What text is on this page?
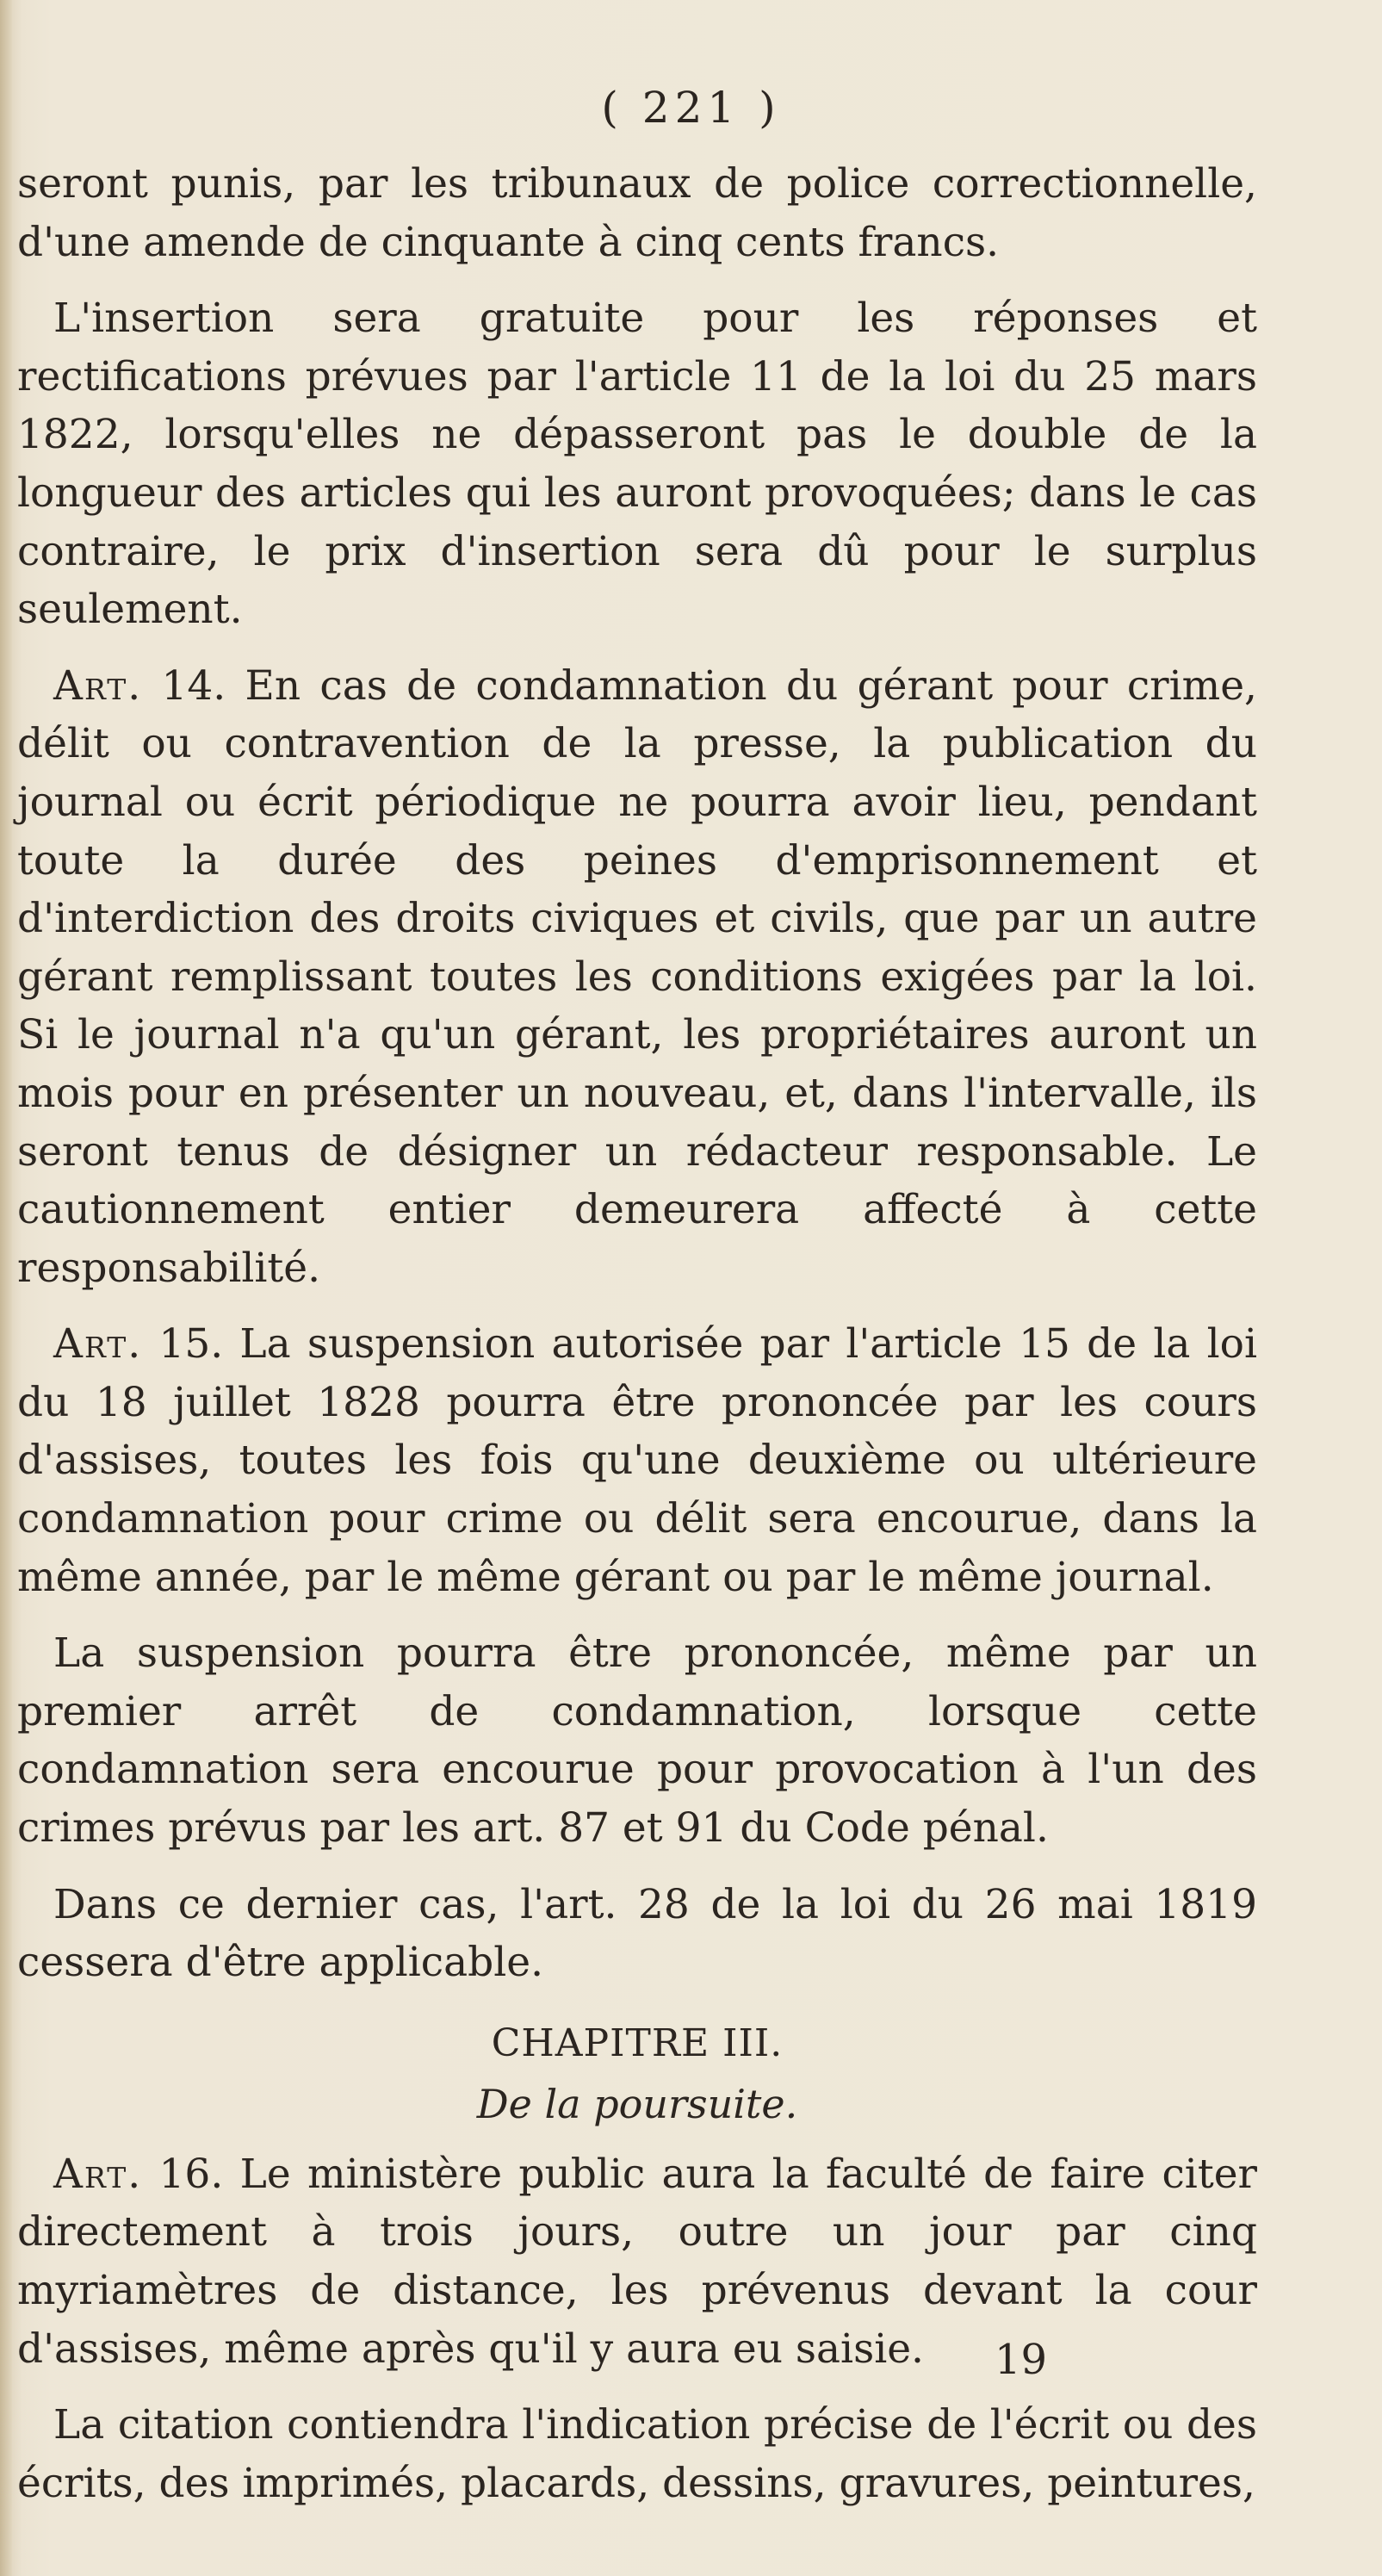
( 221 )

seront punis, par les tribunaux de police correctionnelle, d'une amende de cinquante à cinq cents francs.

L'insertion sera gratuite pour les réponses et rectifications prévues par l'article 11 de la loi du 25 mars 1822, lorsqu'elles ne dépasseront pas le double de la longueur des articles qui les auront provoquées; dans le cas contraire, le prix d'insertion sera dû pour le surplus seulement.

Art. 14. En cas de condamnation du gérant pour crime, délit ou contravention de la presse, la publication du journal ou écrit périodique ne pourra avoir lieu, pendant toute la durée des peines d'emprisonnement et d'interdiction des droits civiques et civils, que par un autre gérant remplissant toutes les conditions exigées par la loi. Si le journal n'a qu'un gérant, les propriétaires auront un mois pour en présenter un nouveau, et, dans l'intervalle, ils seront tenus de désigner un rédacteur responsable. Le cautionnement entier demeurera affecté à cette responsabilité.

Art. 15. La suspension autorisée par l'article 15 de la loi du 18 juillet 1828 pourra être prononcée par les cours d'assises, toutes les fois qu'une deuxième ou ultérieure condamnation pour crime ou délit sera encourue, dans la même année, par le même gérant ou par le même journal.

La suspension pourra être prononcée, même par un premier arrêt de condamnation, lorsque cette condamnation sera encourue pour provocation à l'un des crimes prévus par les art. 87 et 91 du Code pénal.

Dans ce dernier cas, l'art. 28 de la loi du 26 mai 1819 cessera d'être applicable.

CHAPITRE III.
De la poursuite.

Art. 16. Le ministère public aura la faculté de faire citer directement à trois jours, outre un jour par cinq myriamètres de distance, les prévenus devant la cour d'assises, même après qu'il y aura eu saisie.

La citation contiendra l'indication précise de l'écrit ou des écrits, des imprimés, placards, dessins, gravures, peintures,

19
